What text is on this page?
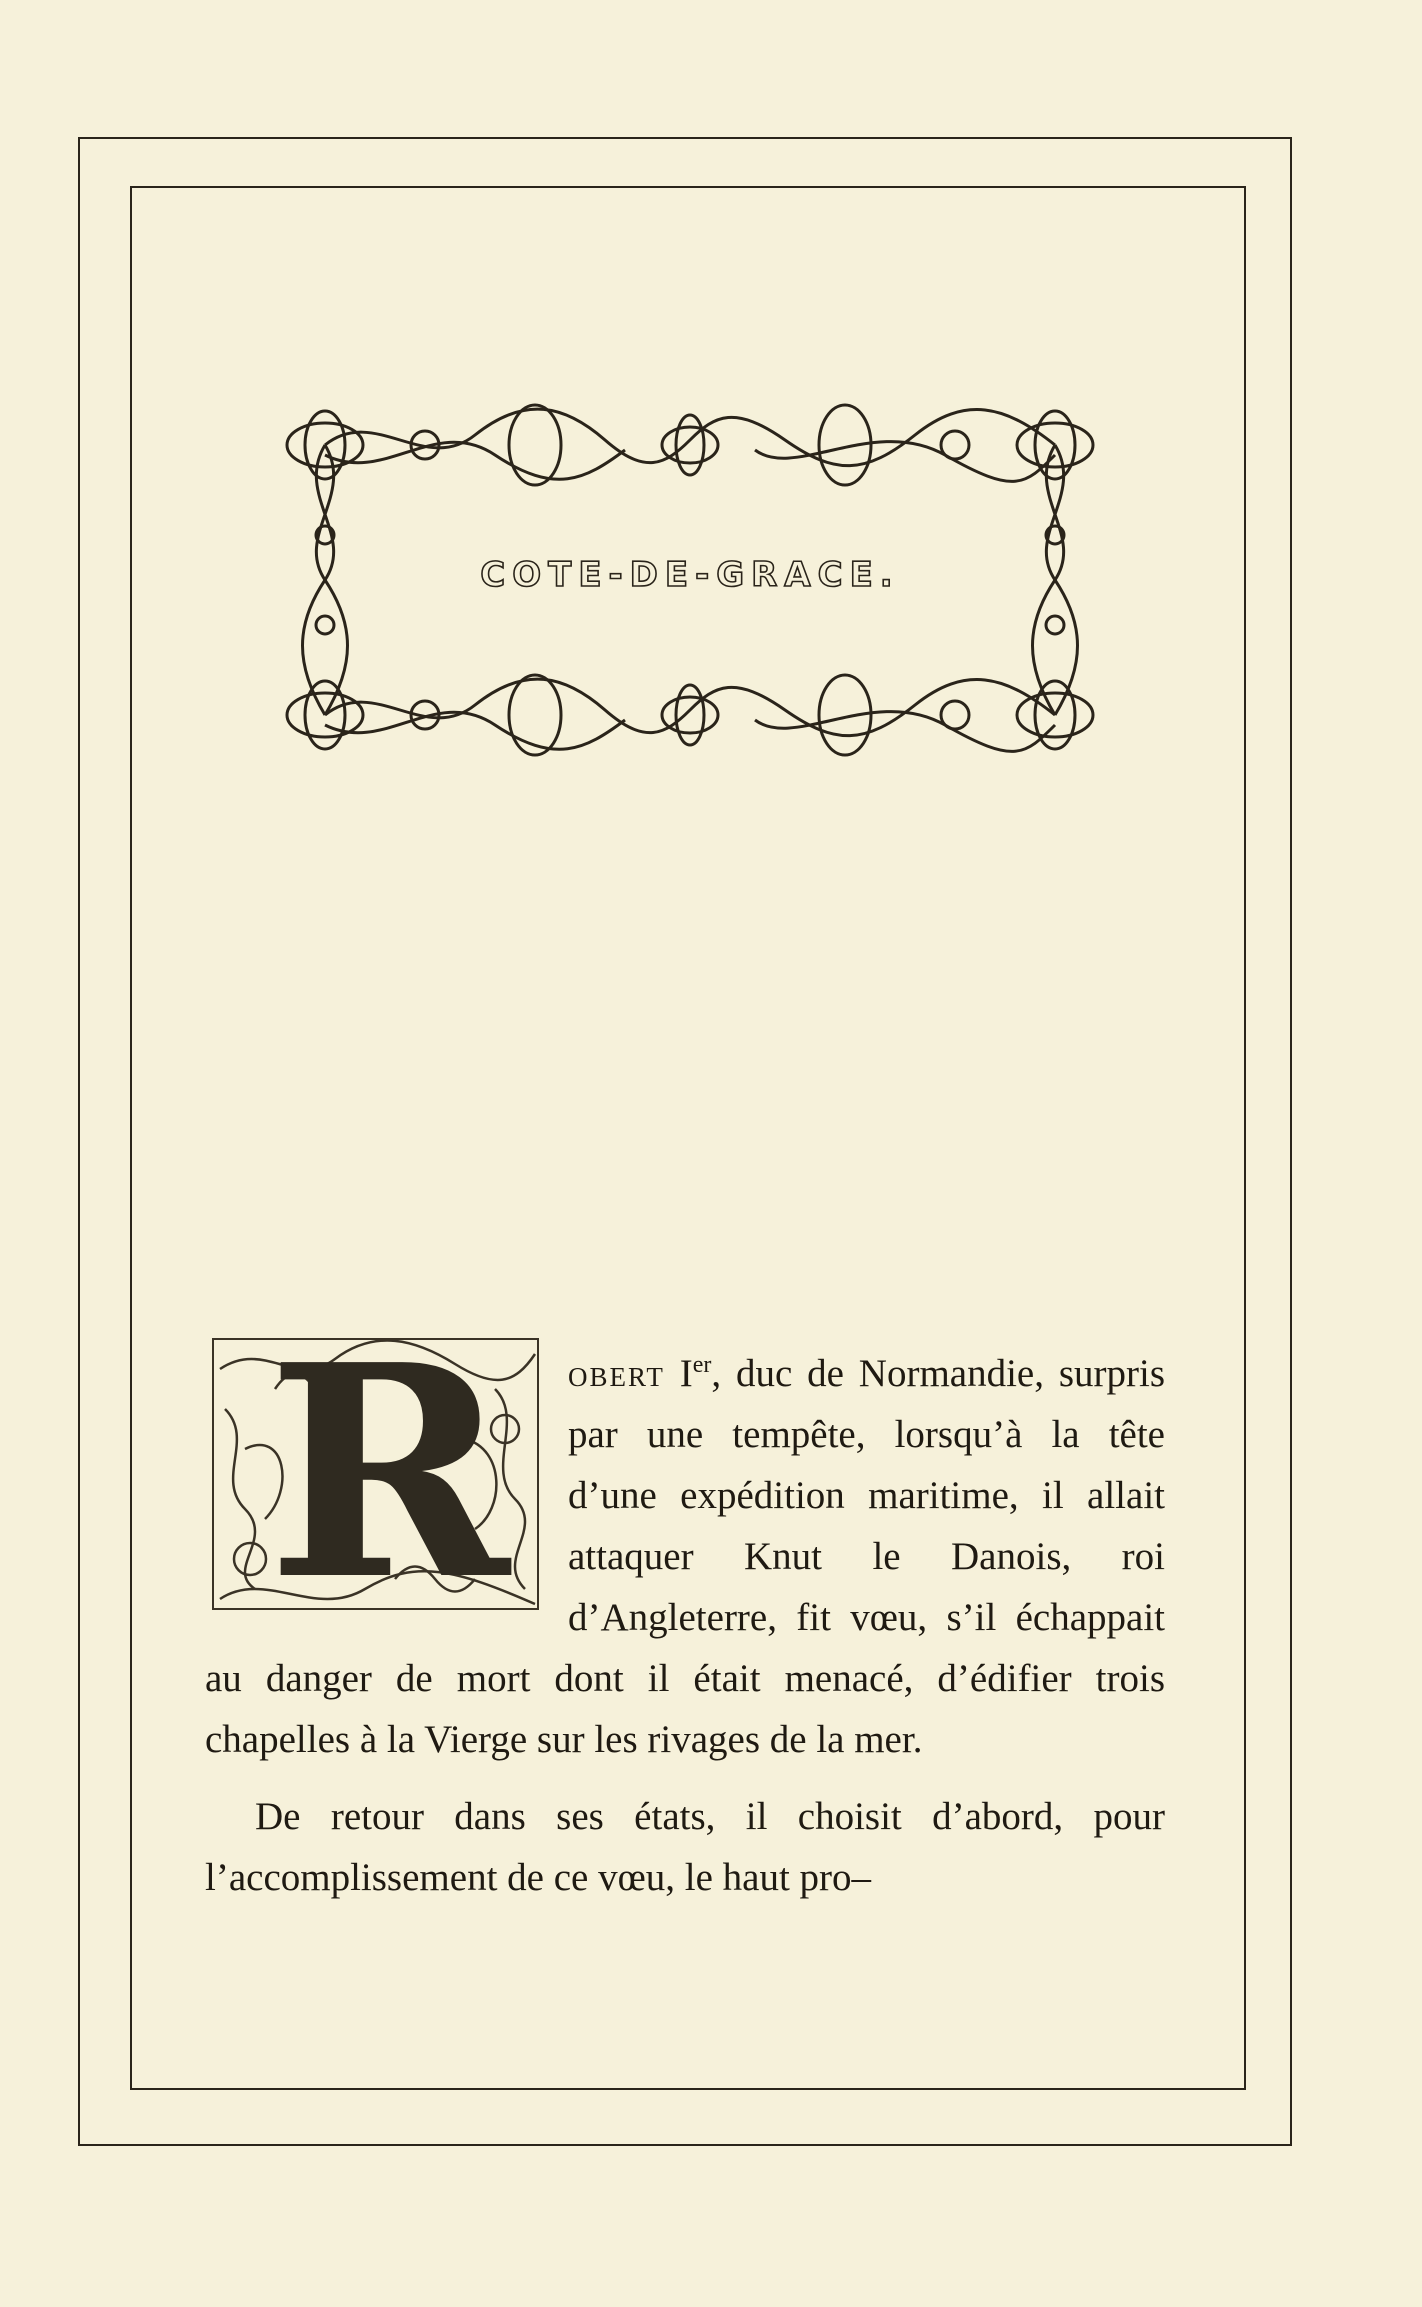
COTE-DE-GRACE.
R	obert Ier, duc de Normandie, surpris par une tempête, lorsqu’à la tête d’une expédition maritime, il allait attaquer Knut le Danois, roi d’Angleterre, fit vœu, s’il échappait au danger de mort dont il était menacé, d’édifier trois chapelles à la Vierge sur les rivages de la mer.

De retour dans ses états, il choisit d’abord, pour l’accomplissement de ce vœu, le haut pro–
